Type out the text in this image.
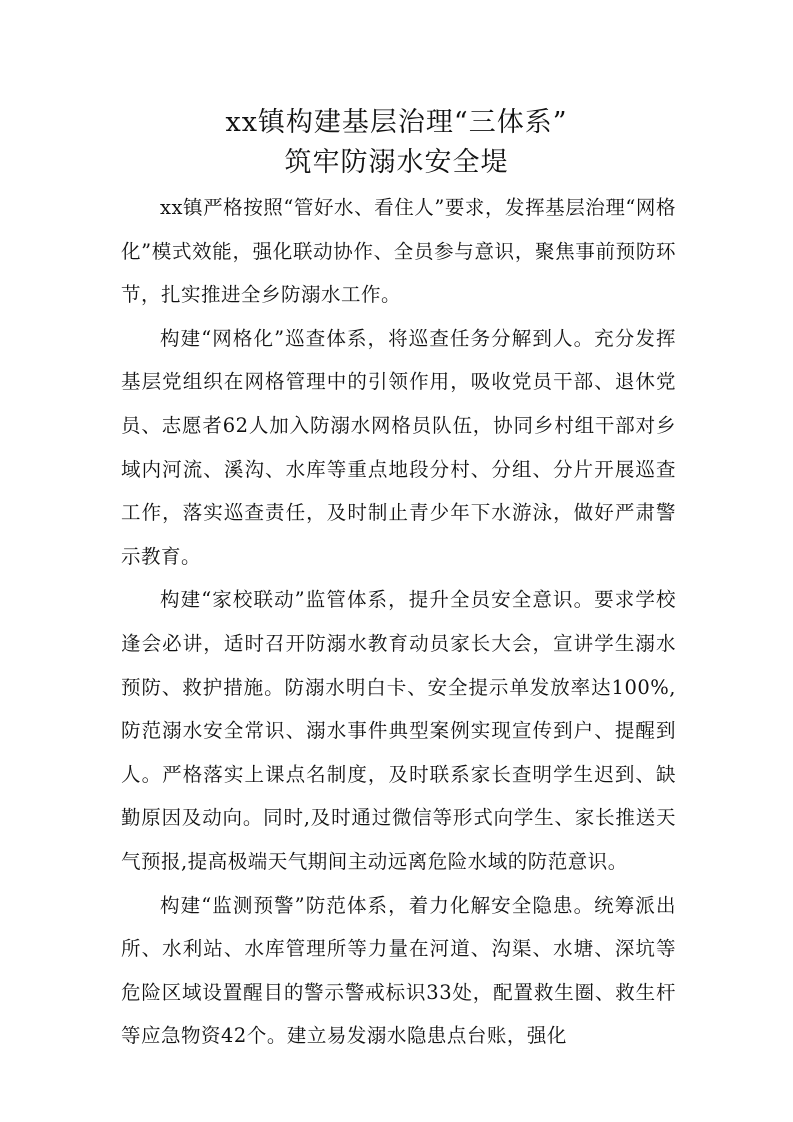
xx镇构建基层治理“三体系”
筑牢防溺水安全堤

xx镇严格按照“管好水、看住人”要求，发挥基层治理“网格化”模式效能，强化联动协作、全员参与意识，聚焦事前预防环节，扎实推进全乡防溺水工作。

构建“网格化”巡查体系，将巡查任务分解到人。充分发挥基层党组织在网格管理中的引领作用，吸收党员干部、退休党员、志愿者62人加入防溺水网格员队伍，协同乡村组干部对乡域内河流、溪沟、水库等重点地段分村、分组、分片开展巡查工作，落实巡查责任，及时制止青少年下水游泳，做好严肃警示教育。

构建“家校联动”监管体系，提升全员安全意识。要求学校逢会必讲，适时召开防溺水教育动员家长大会，宣讲学生溺水预防、救护措施。防溺水明白卡、安全提示单发放率达100%,防范溺水安全常识、溺水事件典型案例实现宣传到户、提醒到人。严格落实上课点名制度，及时联系家长查明学生迟到、缺勤原因及动向。同时,及时通过微信等形式向学生、家长推送天气预报,提高极端天气期间主动远离危险水域的防范意识。

构建“监测预警”防范体系，着力化解安全隐患。统筹派出所、水利站、水库管理所等力量在河道、沟渠、水塘、深坑等危险区域设置醒目的警示警戒标识33处，配置救生圈、救生杆等应急物资42个。建立易发溺水隐患点台账，强化
